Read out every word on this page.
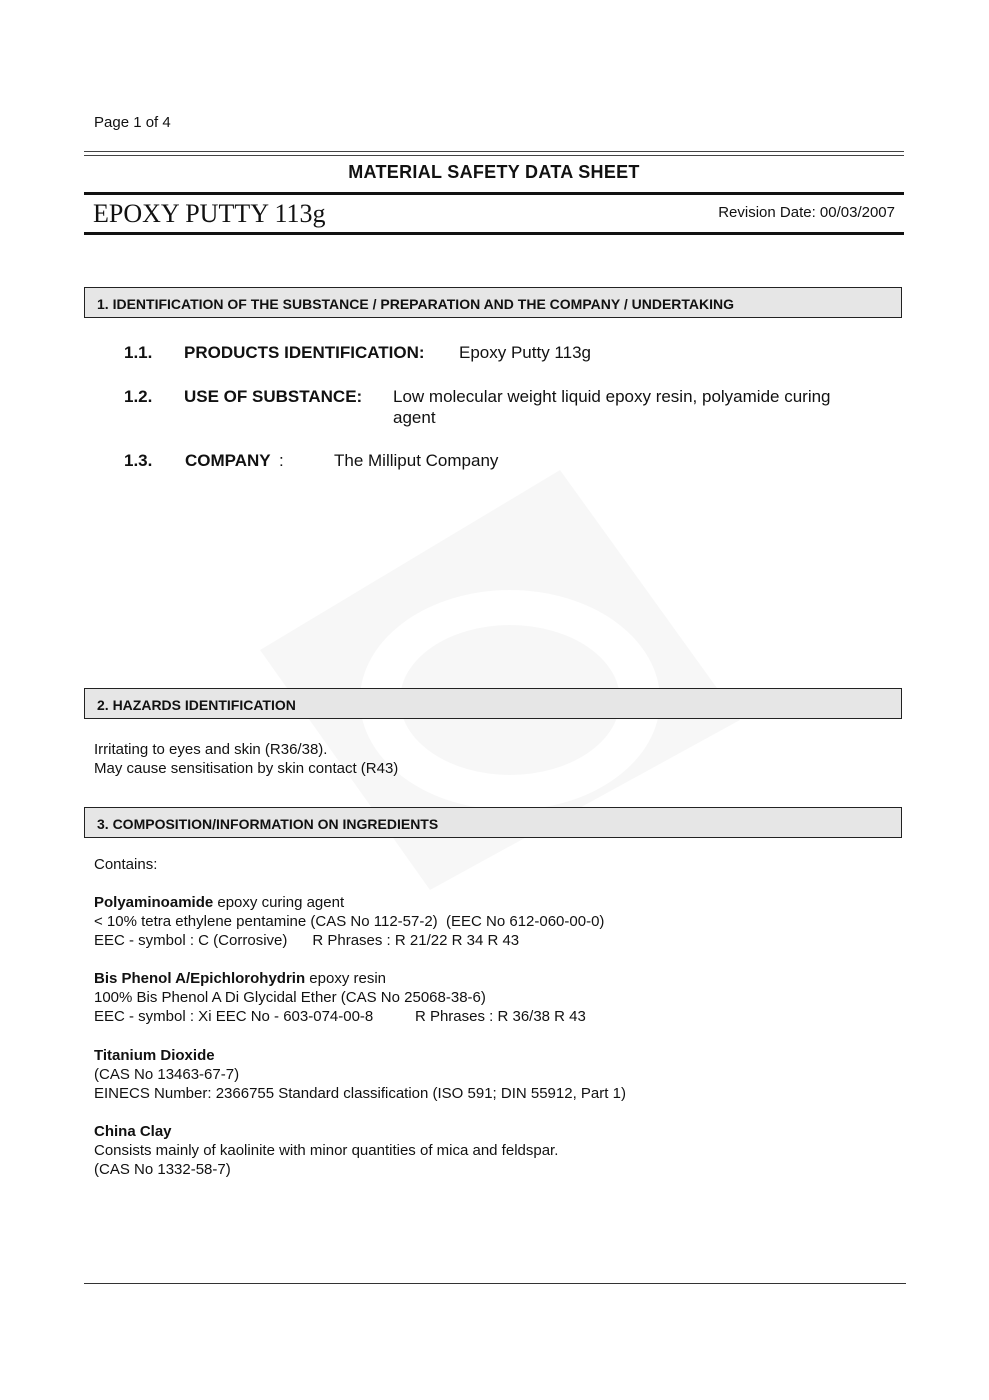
Page 1 of 4
MATERIAL SAFETY DATA SHEET
EPOXY PUTTY 113g	Revision Date: 00/03/2007
1. IDENTIFICATION OF THE SUBSTANCE / PREPARATION AND THE COMPANY / UNDERTAKING
1.1. PRODUCTS IDENTIFICATION: Epoxy Putty 113g
1.2. USE OF SUBSTANCE: Low molecular weight liquid epoxy resin, polyamide curing
agent
1.3. COMPANY :	The Milliput Company
2. HAZARDS IDENTIFICATION
Irritating to eyes and skin (R36/38).
May cause sensitisation by skin contact (R43)
3. COMPOSITION/INFORMATION ON INGREDIENTS
Contains:
Polyaminoamide epoxy curing agent
< 10% tetra ethylene pentamine (CAS No 112-57-2)  (EEC No 612-060-00-0)
EEC - symbol : C (Corrosive)      R Phrases : R 21/22 R 34 R 43
Bis Phenol A/Epichlorohydrin epoxy resin
100% Bis Phenol A Di Glycidal Ether (CAS No 25068-38-6)
EEC - symbol : Xi EEC No - 603-074-00-8          R Phrases : R 36/38 R 43
Titanium Dioxide
(CAS No 13463-67-7)
EINECS Number: 2366755 Standard classification (ISO 591; DIN 55912, Part 1)
China Clay
Consists mainly of kaolinite with minor quantities of mica and feldspar.
(CAS No 1332-58-7)
